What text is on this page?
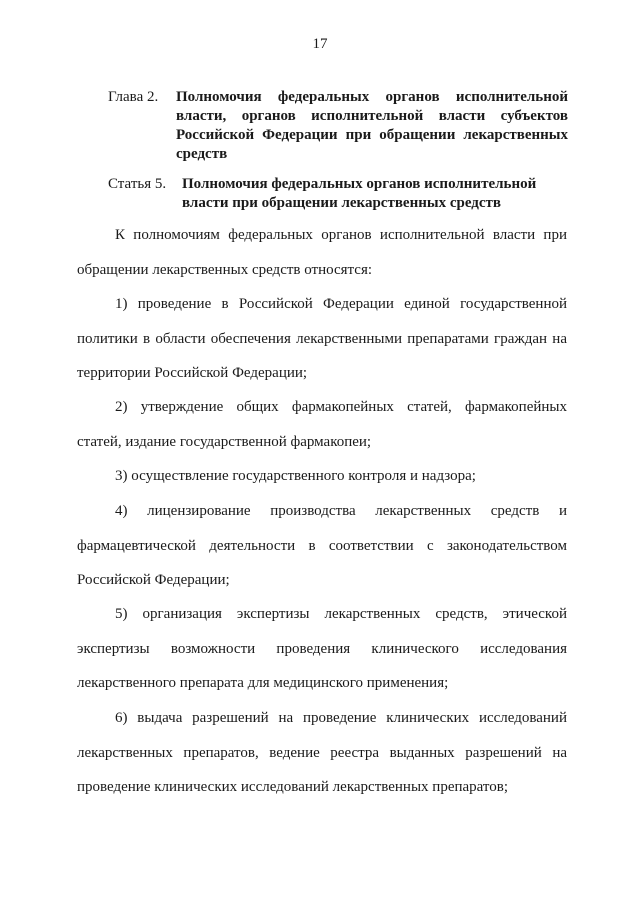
17
Глава 2.	Полномочия федеральных органов исполнительной власти, органов исполнительной власти субъектов Российской Федерации при обращении лекарственных средств
Статья 5.	Полномочия федеральных органов исполнительной власти при обращении лекарственных средств

К полномочиям федеральных органов исполнительной власти при обращении лекарственных средств относятся:

1) проведение в Российской Федерации единой государственной политики в области обеспечения лекарственными препаратами граждан на территории Российской Федерации;

2) утверждение общих фармакопейных статей, фармакопейных статей, издание государственной фармакопеи;

3) осуществление государственного контроля и надзора;

4) лицензирование производства лекарственных средств и фармацевтической деятельности в соответствии с законодательством Российской Федерации;

5) организация экспертизы лекарственных средств, этической экспертизы возможности проведения клинического исследования лекарственного препарата для медицинского применения;

6) выдача разрешений на проведение клинических исследований лекарственных препаратов, ведение реестра выданных разрешений на проведение клинических исследований лекарственных препаратов;
